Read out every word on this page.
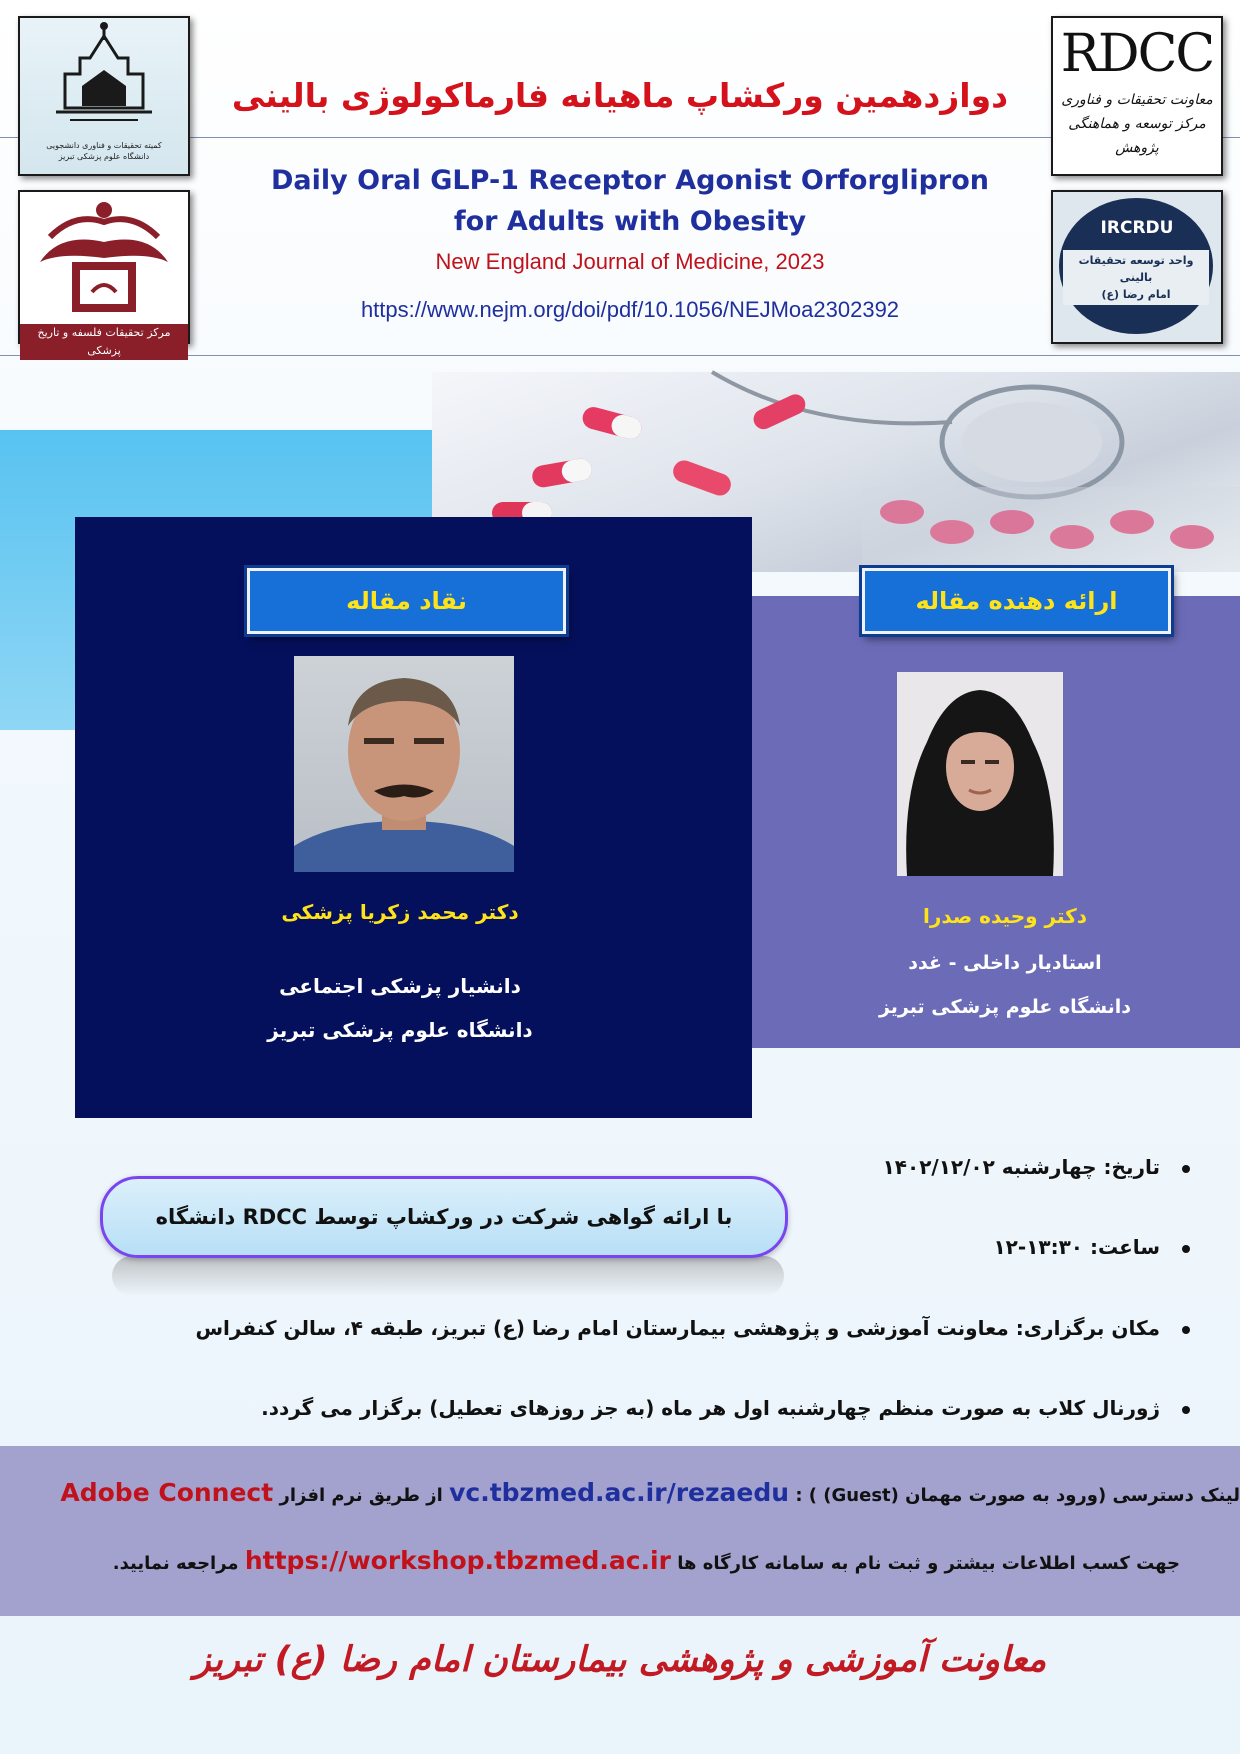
کمیته تحقیقات و فناوری دانشجویی
دانشگاه علوم پزشکی تبریز
مرکز تحقیقات فلسفه و تاریخ پزشکی
RDCC
معاونت تحقیقات و فناوری
مرکز توسعه و هماهنگی پژوهش
IRCRDU
واحد توسعه تحقیقات بالینی
امام رضا (ع)
دوازدهمین ورکشاپ ماهیانه فارماکولوژی بالینی
Daily Oral GLP-1 Receptor Agonist Orforglipron
for Adults with Obesity
New England Journal of Medicine, 2023
https://www.nejm.org/doi/pdf/10.1056/NEJMoa2302392
نقاد مقاله
دکتر محمد زکریا پزشکی
دانشیار پزشکی اجتماعی
دانشگاه علوم پزشکی تبریز
ارائه دهنده مقاله
دکتر وحیده صدرا
استادیار داخلی - غدد
دانشگاه علوم پزشکی تبریز
با ارائه گواهی شرکت در ورکشاپ توسط RDCC دانشگاه
تاریخ: چهارشنبه ۱۴۰۲/۱۲/۰۲
ساعت: ۱۳:۳۰-۱۲
مکان برگزاری: معاونت آموزشی و پژوهشی بیمارستان امام رضا (ع) تبریز، طبقه ۴، سالن کنفراس
ژورنال کلاب به صورت منظم چهارشنبه اول هر ماه (به جز روزهای تعطیل) برگزار می گردد.
لینک دسترسی (ورود به صورت مهمان (Guest) ) : vc.tbzmed.ac.ir/rezaedu از طریق نرم افزار Adobe Connect
جهت کسب اطلاعات بیشتر و ثبت نام به سامانه کارگاه ها https://workshop.tbzmed.ac.ir مراجعه نمایید.
معاونت آموزشی و پژوهشی بیمارستان امام رضا (ع) تبریز
